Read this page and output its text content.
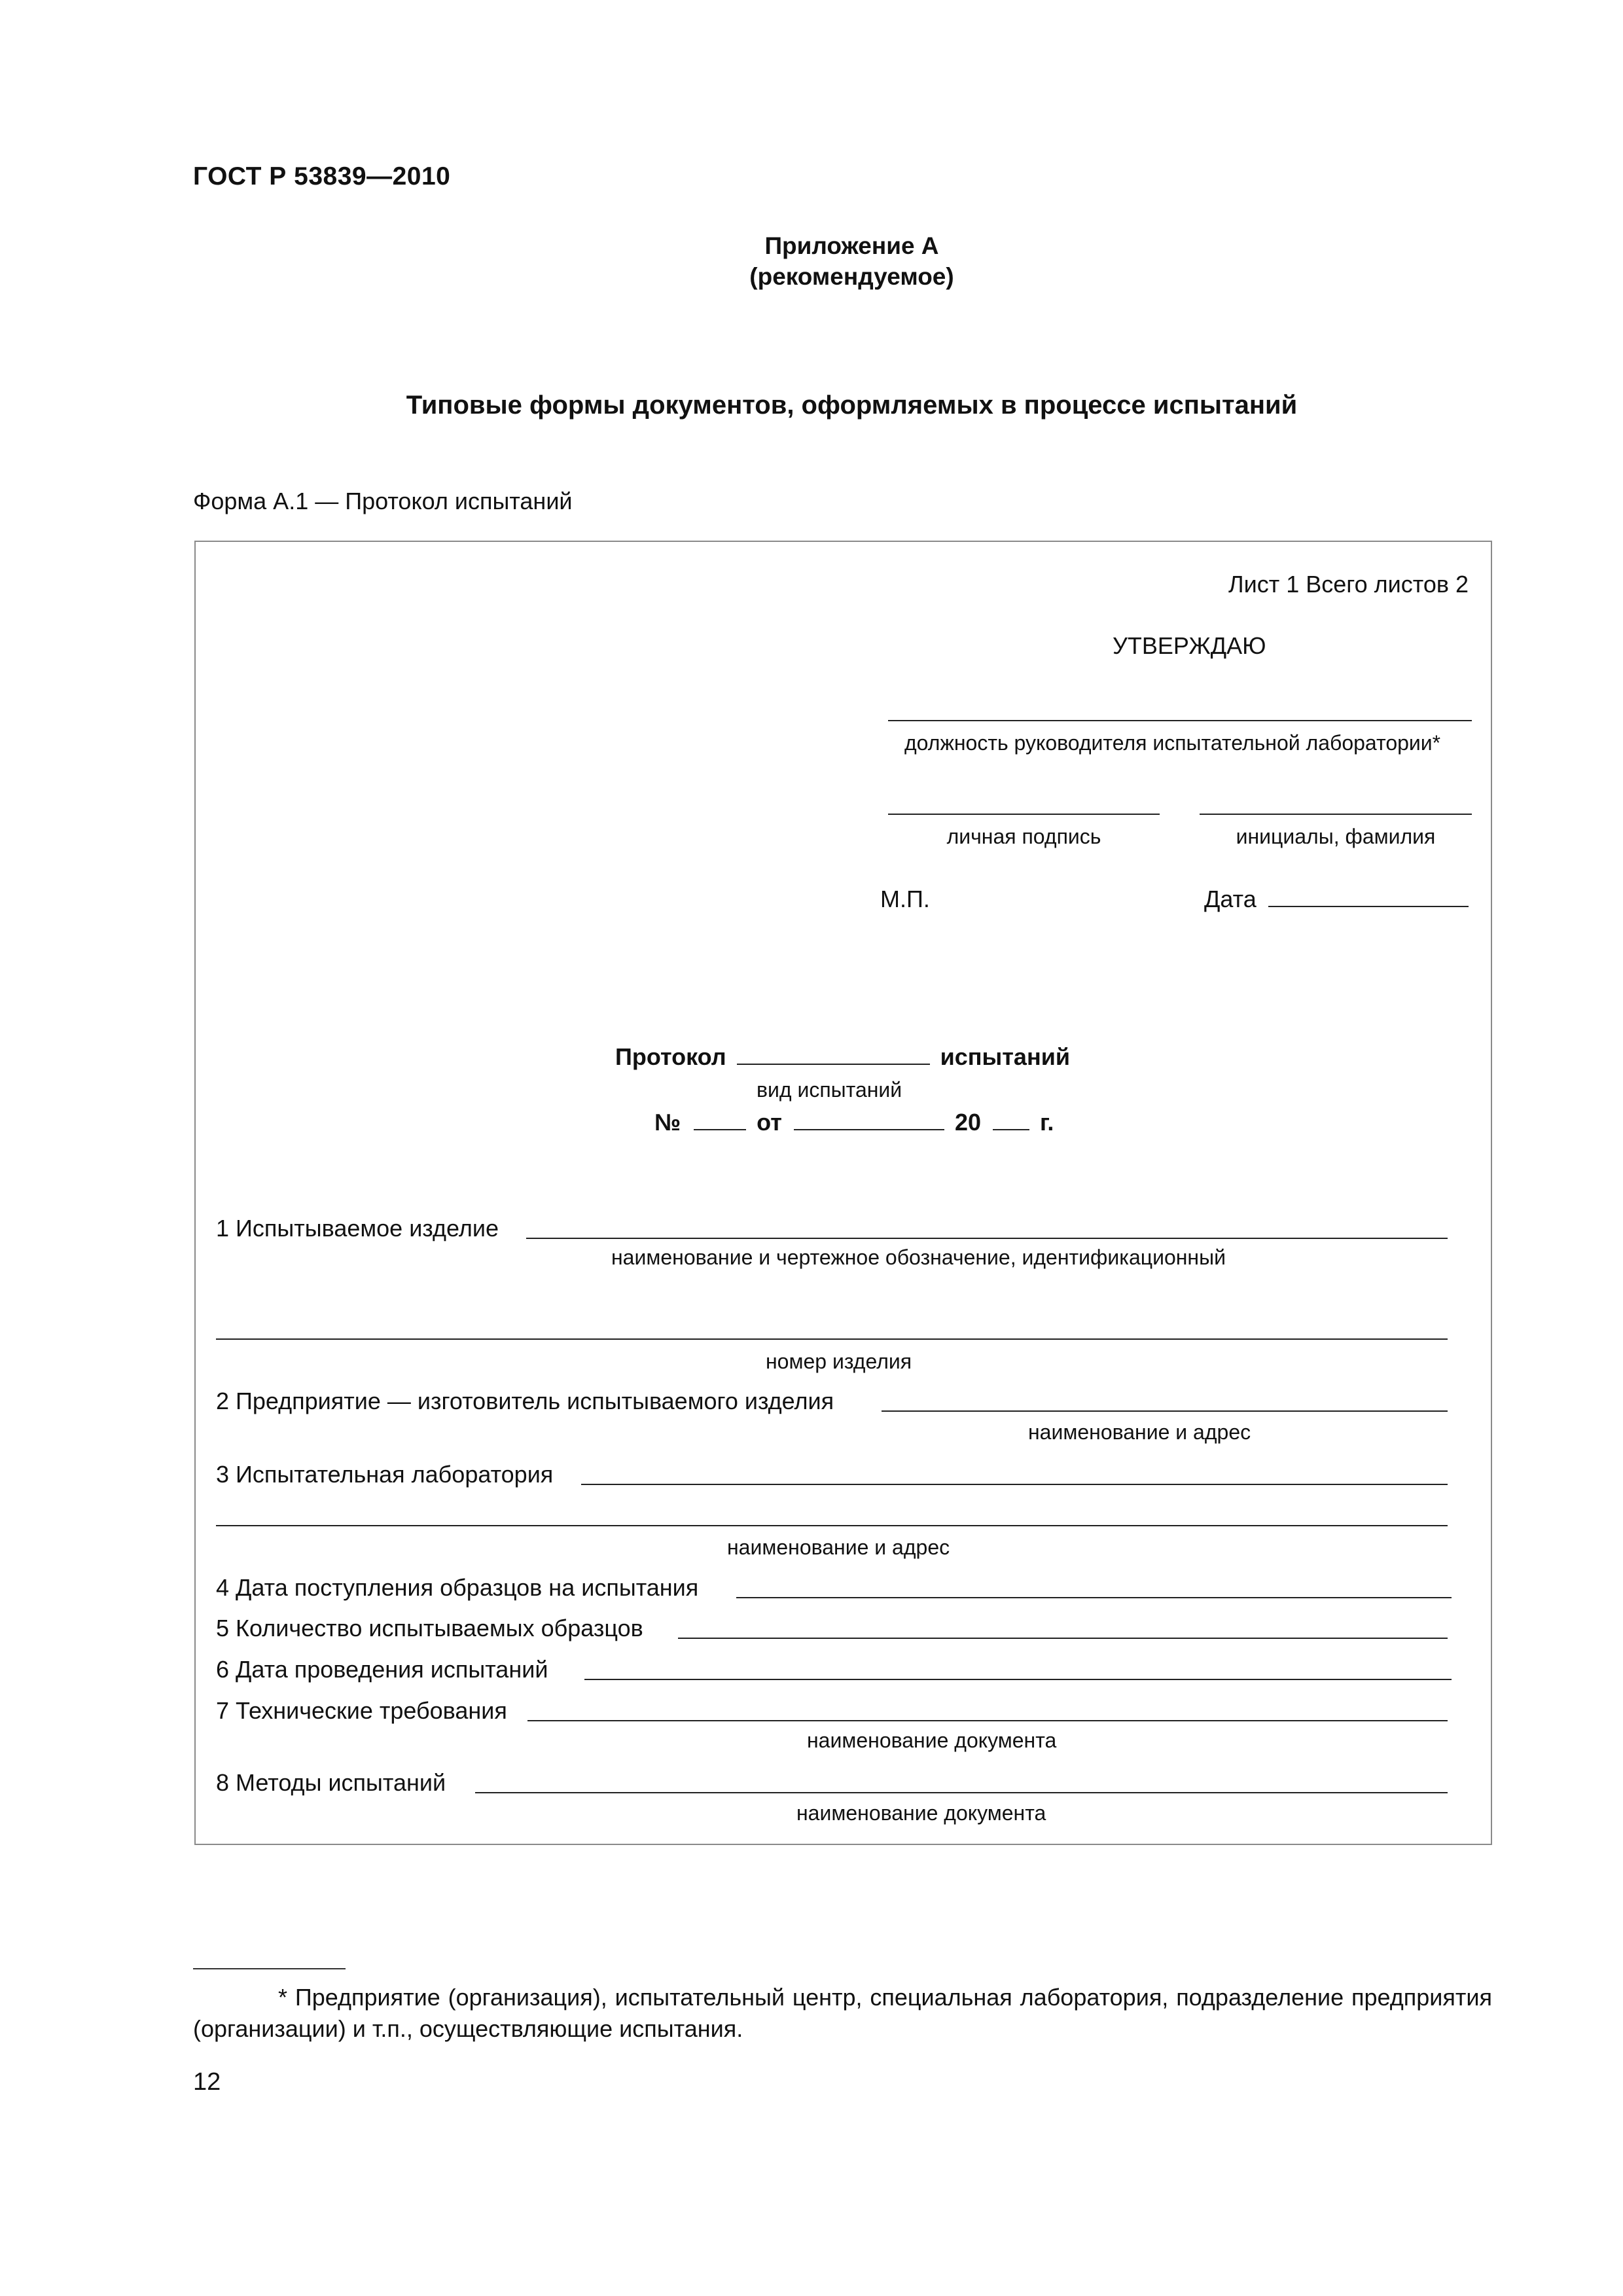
ГОСТ Р 53839—2010
Приложение А
(рекомендуемое)
Типовые формы документов, оформляемых в процессе испытаний
Форма А.1 — Протокол испытаний
Лист 1 Всего листов 2
УТВЕРЖДАЮ
должность руководителя испытательной лаборатории*
личная подпись	инициалы, фамилия
М.П.	Дата
Протокол	испытаний
вид испытаний
№	от	20	г.
1 Испытываемое изделие
наименование и чертежное обозначение, идентификационный
номер изделия
2 Предприятие — изготовитель испытываемого изделия
наименование и адрес
3 Испытательная лаборатория
наименование и адрес
4 Дата поступления образцов на испытания
5 Количество испытываемых образцов
6 Дата проведения испытаний
7 Технические требования
наименование документа
8 Методы испытаний
наименование документа
* Предприятие (организация), испытательный центр, специальная лаборатория, подразделение предприятия (организации) и т.п., осуществляющие испытания.
12
